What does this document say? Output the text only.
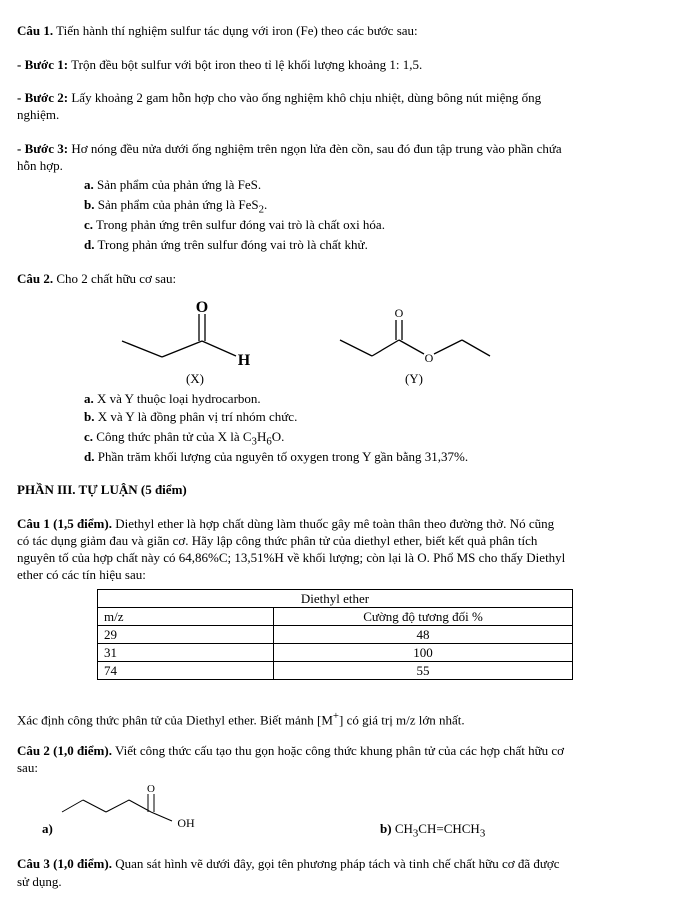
Câu 1. Tiến hành thí nghiệm sulfur tác dụng với iron (Fe) theo các bước sau:
- Bước 1: Trộn đều bột sulfur với bột iron theo tỉ lệ khối lượng khoảng 1: 1,5.
- Bước 2: Lấy khoảng 2 gam hỗn hợp cho vào ống nghiệm khô chịu nhiệt, dùng bông nút miệng ống
nghiệm.
- Bước 3: Hơ nóng đều nửa dưới ống nghiệm trên ngọn lửa đèn cồn, sau đó đun tập trung vào phần chứa
hỗn hợp.
a. Sản phẩm của phản ứng là FeS.
b. Sản phẩm của phản ứng là FeS$_2$.
c. Trong phản ứng trên sulfur đóng vai trò là chất oxi hóa.
d. Trong phản ứng trên sulfur đóng vai trò là chất khử.
Câu 2. Cho 2 chất hữu cơ sau:
O
H
(X)
O
O
(Y)
a. X và Y thuộc loại hydrocarbon.
b. X và Y là đồng phân vị trí nhóm chức.
c. Công thức phân tử của X là $C_3H_6O$.
d. Phần trăm khối lượng của nguyên tố oxygen trong Y gần bằng 31,37%.
PHẦN III. TỰ LUẬN (5 điểm)
Câu 1 (1,5 điểm). Diethyl ether là hợp chất dùng làm thuốc gây mê toàn thân theo đường thở. Nó cũng
có tác dụng giảm đau và giãn cơ. Hãy lập công thức phân tử của diethyl ether, biết kết quả phân tích
nguyên tố của hợp chất này có 64,86%C; 13,51%H về khối lượng; còn lại là O. Phổ MS cho thấy Diethyl
ether có các tín hiệu sau:
Diethyl ether	
m/z	Cường độ tương đối %
29	48
31	100
74	55
Xác định công thức phân tử của Diethyl ether. Biết mảnh [M+] có giá trị m/z lớn nhất.
Câu 2 (1,0 điểm). Viết công thức cấu tạo thu gọn hoặc công thức khung phân tử của các hợp chất hữu cơ
sau:
O
OH
a)	b) $CH_3CH=CHCH_3$
Câu 3 (1,0 điểm). Quan sát hình vẽ dưới đây, gọi tên phương pháp tách và tinh chế chất hữu cơ đã được
sử dụng.
